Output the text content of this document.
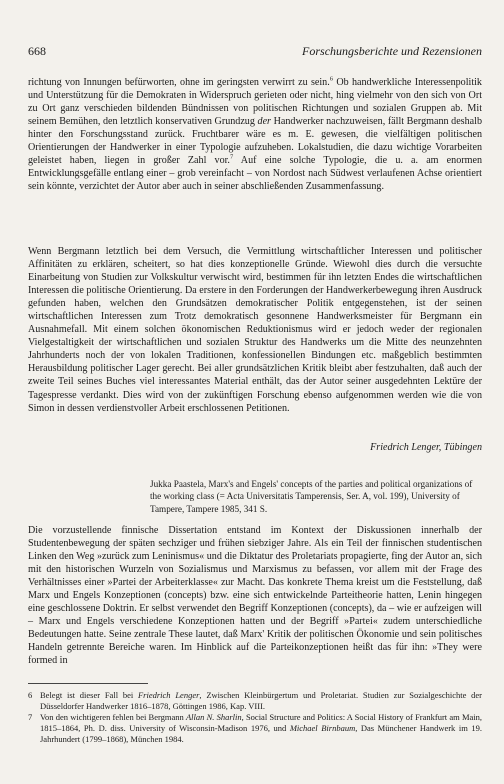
668	Forschungsberichte und Rezensionen

richtung von Innungen befürworten, ohne im geringsten verwirrt zu sein.$^6$ Ob handwerkliche Interessenpolitik und Unterstützung für die Demokraten in Widerspruch gerieten oder nicht, hing vielmehr von den sich von Ort zu Ort ganz verschieden bildenden Bündnissen von politischen Richtungen und sozialen Gruppen ab. Mit seinem Bemühen, den letztlich konservativen Grundzug der Handwerker nachzuweisen, fällt Bergmann deshalb hinter den Forschungsstand zurück. Fruchtbarer wäre es m. E. gewesen, die vielfältigen politischen Orientierungen der Handwerker in einer Typologie aufzuheben. Lokalstudien, die dazu wichtige Vorarbeiten geleistet haben, liegen in großer Zahl vor.$^7$ Auf eine solche Typologie, die u. a. am enormen Entwicklungsgefälle entlang einer – grob vereinfacht – von Nordost nach Südwest verlaufenen Achse orientiert sein könnte, verzichtet der Autor aber auch in seiner abschließenden Zusammenfassung.

Wenn Bergmann letztlich bei dem Versuch, die Vermittlung wirtschaftlicher Interessen und politischer Affinitäten zu erklären, scheitert, so hat dies konzeptionelle Gründe. Wiewohl dies durch die versuchte Einarbeitung von Studien zur Volkskultur verwischt wird, bestimmen für ihn letzten Endes die wirtschaftlichen Interessen die politische Orientierung. Da erstere in den Forderungen der Handwerkerbewegung ihren Ausdruck gefunden haben, welchen den Grundsätzen demokratischer Politik entgegenstehen, ist der seinen wirtschaftlichen Interessen zum Trotz demokratisch gesonnene Handwerksmeister für Bergmann ein Ausnahmefall. Mit einem solchen ökonomischen Reduktionismus wird er jedoch weder der regionalen Vielgestaltigkeit der wirtschaftlichen und sozialen Struktur des Handwerks um die Mitte des neunzehnten Jahrhunderts noch der von lokalen Traditionen, konfessionellen Bindungen etc. maßgeblich bestimmten Herausbildung politischer Lager gerecht. Bei aller grundsätzlichen Kritik bleibt aber festzuhalten, daß auch der zweite Teil seines Buches viel interessantes Material enthält, das der Autor seiner ausgedehnten Lektüre der Tagespresse verdankt. Dies wird von der zukünftigen Forschung ebenso aufgenommen werden wie die von Simon in dessen verdienstvoller Arbeit erschlossenen Petitionen.

Friedrich Lenger, Tübingen

Jukka Paastela, Marx's and Engels' concepts of the parties and political organizations of the working class (= Acta Universitatis Tamperensis, Ser. A, vol. 199), University of Tampere, Tampere 1985, 341 S.

Die vorzustellende finnische Dissertation entstand im Kontext der Diskussionen innerhalb der Studentenbewegung der späten sechziger und frühen siebziger Jahre. Als ein Teil der finnischen studentischen Linken den Weg »zurück zum Leninismus« und die Diktatur des Proletariats propagierte, fing der Autor an, sich mit den historischen Wurzeln von Sozialismus und Marxismus zu befassen, vor allem mit der Frage des Verhältnisses einer »Partei der Arbeiterklasse« zur Macht. Das konkrete Thema kreist um die Feststellung, daß Marx und Engels Konzeptionen (concepts) bzw. eine sich entwickelnde Parteitheorie hatten, Lenin hingegen eine geschlossene Doktrin. Er selbst verwendet den Begriff Konzeptionen (concepts), da – wie er aufzeigen will – Marx und Engels verschiedene Konzeptionen hatten und der Begriff »Partei« zudem unterschiedliche Bedeutungen hatte. Seine zentrale These lautet, daß Marx' Kritik der politischen Ökonomie und sein politisches Handeln getrennte Bereiche waren. Im Hinblick auf die Parteikonzeptionen heißt das für ihn: »They were formed in

6 Belegt ist dieser Fall bei Friedrich Lenger, Zwischen Kleinbürgertum und Proletariat. Studien zur Sozialgeschichte der Düsseldorfer Handwerker 1816–1878, Göttingen 1986, Kap. VIII.
7 Von den wichtigeren fehlen bei Bergmann Allan N. Sharlin, Social Structure and Politics: A Social History of Frankfurt am Main, 1815–1864, Ph. D. diss. University of Wisconsin-Madison 1976, und Michael Birnbaum, Das Münchener Handwerk im 19. Jahrhundert (1799–1868), München 1984.
